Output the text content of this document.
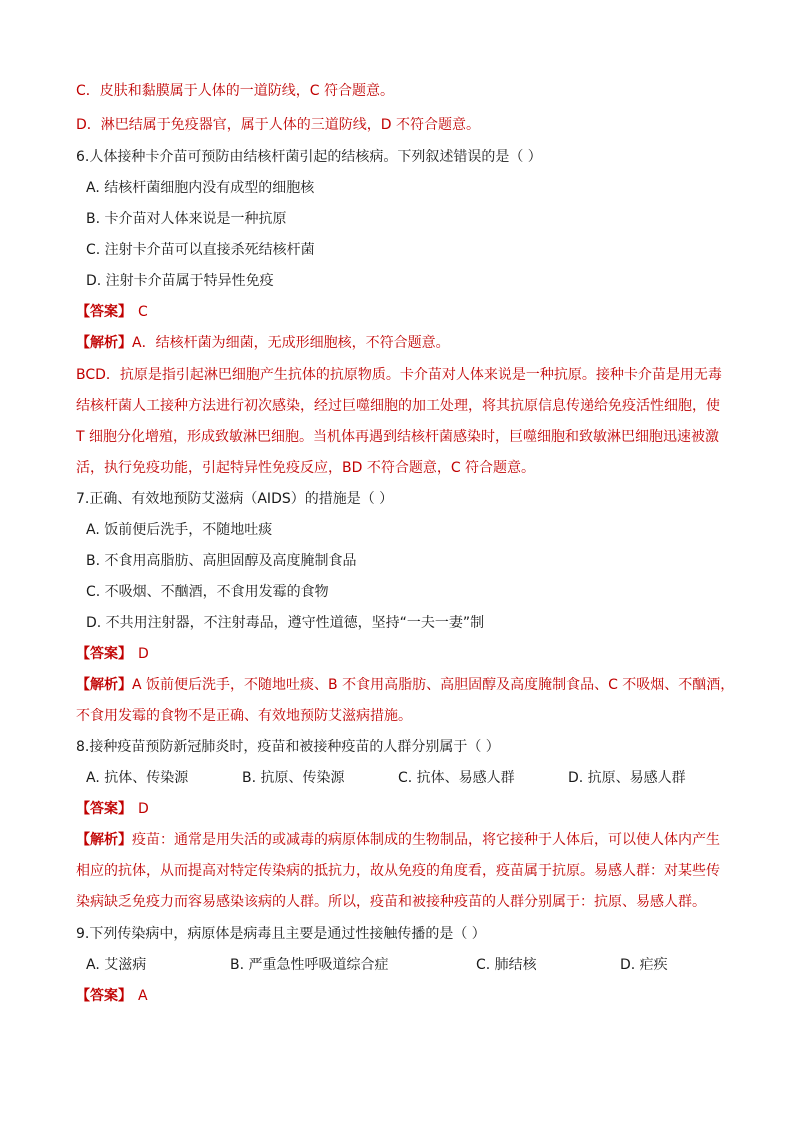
C．皮肤和黏膜属于人体的一道防线，C 符合题意。
D．淋巴结属于免疫器官，属于人体的三道防线，D 不符合题意。
6.人体接种卡介苗可预防由结核杆菌引起的结核病。下列叙述错误的是（ ）
A. 结核杆菌细胞内没有成型的细胞核
B. 卡介苗对人体来说是一种抗原
C. 注射卡介苗可以直接杀死结核杆菌
D. 注射卡介苗属于特异性免疫
【答案】 C
【解析】A．结核杆菌为细菌，无成形细胞核，不符合题意。
BCD．抗原是指引起淋巴细胞产生抗体的抗原物质。卡介苗对人体来说是一种抗原。接种卡介苗是用无毒
结核杆菌人工接种方法进行初次感染，经过巨噬细胞的加工处理，将其抗原信息传递给免疫活性细胞，使
T 细胞分化增殖，形成致敏淋巴细胞。当机体再遇到结核杆菌感染时，巨噬细胞和致敏淋巴细胞迅速被激
活，执行免疫功能，引起特异性免疫反应，BD 不符合题意，C 符合题意。
7.正确、有效地预防艾滋病（AIDS）的措施是（ ）
A. 饭前便后洗手，不随地吐痰
B. 不食用高脂肪、高胆固醇及高度腌制食品
C. 不吸烟、不酗酒，不食用发霉的食物
D. 不共用注射器，不注射毒品，遵守性道德，坚持“一夫一妻”制
【答案】 D
【解析】A 饭前便后洗手，不随地吐痰、B 不食用高脂肪、高胆固醇及高度腌制食品、C 不吸烟、不酗酒，
不食用发霉的食物不是正确、有效地预防艾滋病措施。
8.接种疫苗预防新冠肺炎时，疫苗和被接种疫苗的人群分别属于（ ）
A. 抗体、传染源	B. 抗原、传染源	C. 抗体、易感人群	D. 抗原、易感人群
【答案】 D
【解析】疫苗：通常是用失活的或减毒的病原体制成的生物制品，将它接种于人体后，可以使人体内产生
相应的抗体，从而提高对特定传染病的抵抗力，故从免疫的角度看，疫苗属于抗原。易感人群：对某些传
染病缺乏免疫力而容易感染该病的人群。所以，疫苗和被接种疫苗的人群分别属于：抗原、易感人群。
9.下列传染病中，病原体是病毒且主要是通过性接触传播的是（ ）
A. 艾滋病	B. 严重急性呼吸道综合症	C. 肺结核	D. 疟疾
【答案】 A
